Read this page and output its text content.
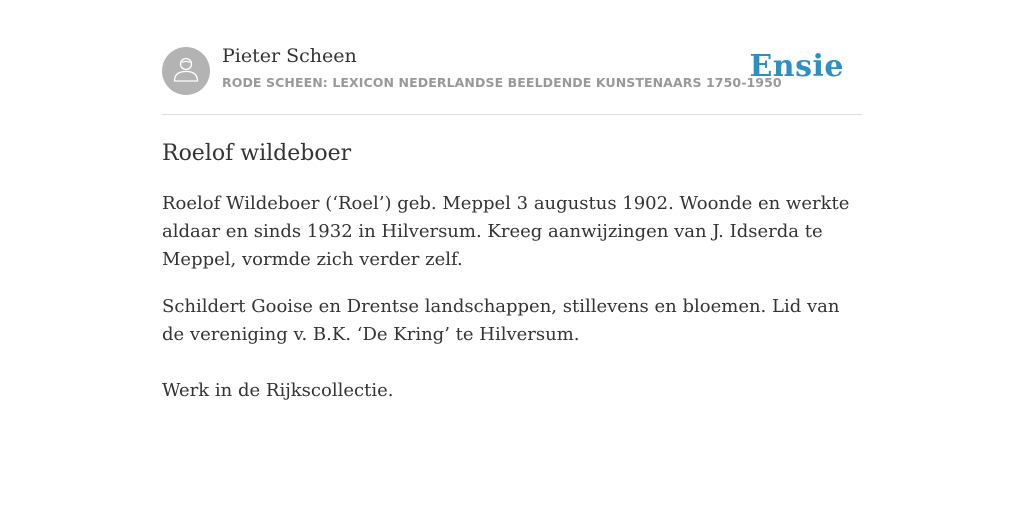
Pieter Scheen
RODE SCHEEN: LEXICON NEDERLANDSE BEELDENDE KUNSTENAARS 1750-1950
Ensie
Roelof wildeboer

Roelof Wildeboer (‘Roel’) geb. Meppel 3 augustus 1902. Woonde en werkte aldaar en sinds 1932 in Hilversum. Kreeg aanwijzingen van J. Idserda te Meppel, vormde zich verder zelf.

Schildert Gooise en Drentse landschappen, stillevens en bloemen. Lid van de vereniging v. B.K. ‘De Kring’ te Hilversum.

Werk in de Rijkscollectie.
